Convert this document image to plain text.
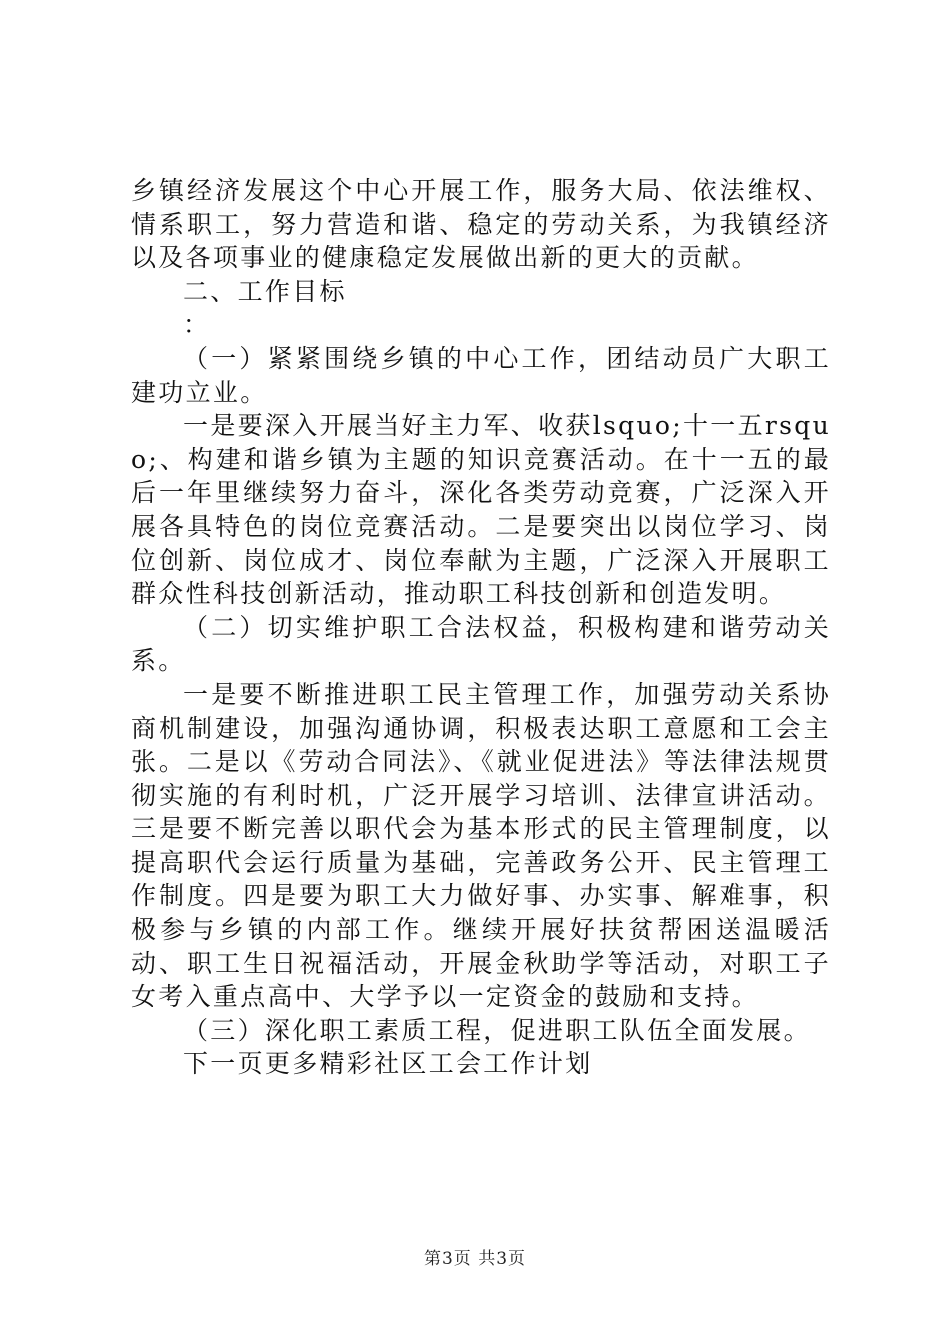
乡镇经济发展这个中心开展工作，服务大局、依法维权、情系职工，努力营造和谐、稳定的劳动关系，为我镇经济以及各项事业的健康稳定发展做出新的更大的贡献。

二、工作目标

：

（一）紧紧围绕乡镇的中心工作，团结动员广大职工建功立业。

一是要深入开展当好主力军、收获lsquo;十一五rsquo;、构建和谐乡镇为主题的知识竞赛活动。在十一五的最后一年里继续努力奋斗，深化各类劳动竞赛，广泛深入开展各具特色的岗位竞赛活动。二是要突出以岗位学习、岗位创新、岗位成才、岗位奉献为主题，广泛深入开展职工群众性科技创新活动，推动职工科技创新和创造发明。

（二）切实维护职工合法权益，积极构建和谐劳动关系。

一是要不断推进职工民主管理工作，加强劳动关系协商机制建设，加强沟通协调，积极表达职工意愿和工会主张。二是以《劳动合同法》、《就业促进法》等法律法规贯彻实施的有利时机，广泛开展学习培训、法律宣讲活动。三是要不断完善以职代会为基本形式的民主管理制度，以提高职代会运行质量为基础，完善政务公开、民主管理工作制度。四是要为职工大力做好事、办实事、解难事，积极参与乡镇的内部工作。继续开展好扶贫帮困送温暖活动、职工生日祝福活动，开展金秋助学等活动，对职工子女考入重点高中、大学予以一定资金的鼓励和支持。

（三）深化职工素质工程，促进职工队伍全面发展。

下一页更多精彩社区工会工作计划

第3页 共3页
